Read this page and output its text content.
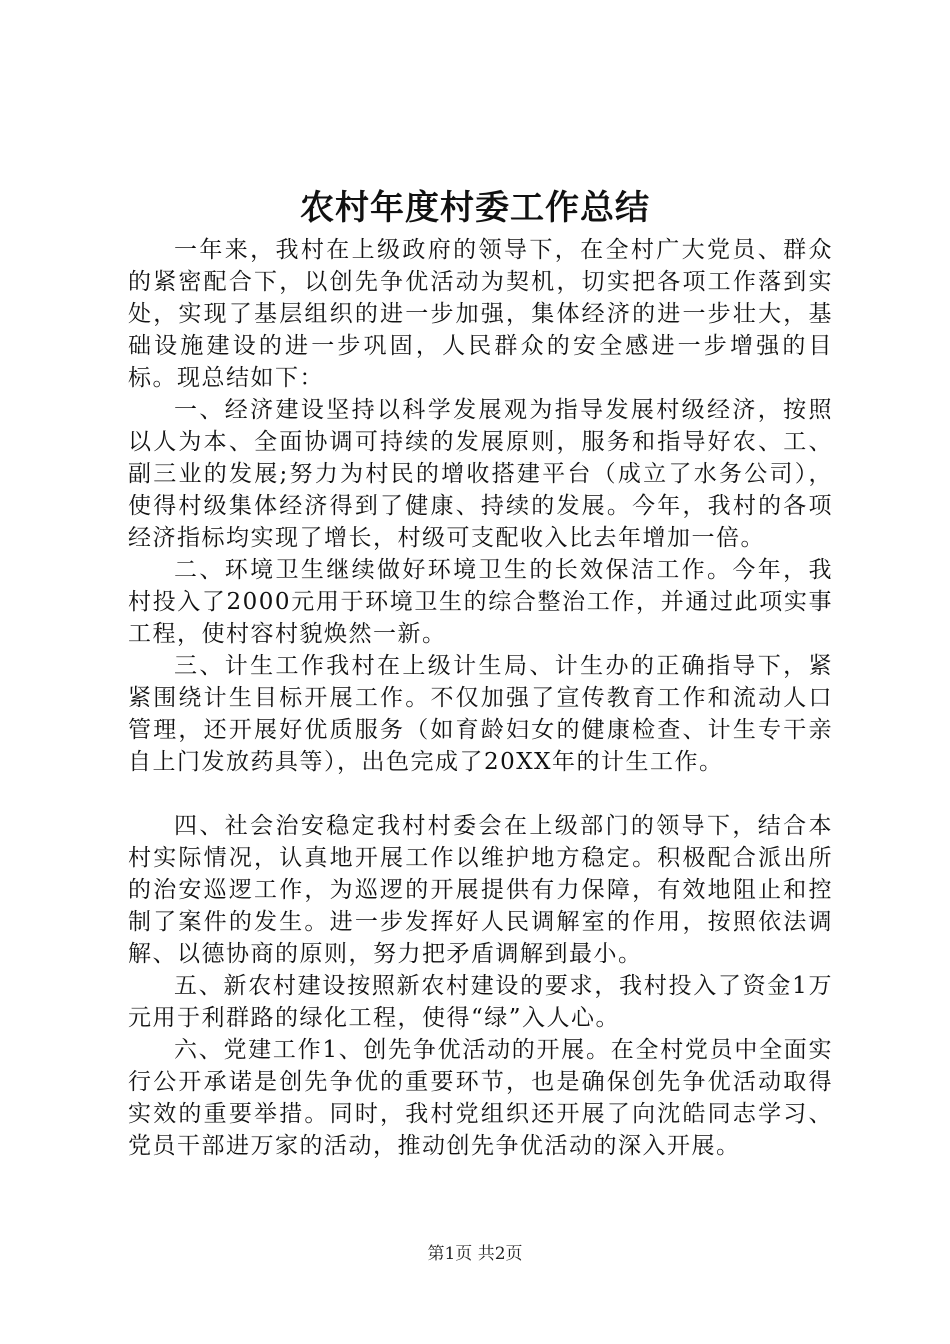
农村年度村委工作总结

一年来，我村在上级政府的领导下，在全村广大党员、群众的紧密配合下，以创先争优活动为契机，切实把各项工作落到实处，实现了基层组织的进一步加强，集体经济的进一步壮大，基础设施建设的进一步巩固，人民群众的安全感进一步增强的目标。现总结如下：

一、经济建设坚持以科学发展观为指导发展村级经济，按照以人为本、全面协调可持续的发展原则，服务和指导好农、工、副三业的发展;努力为村民的增收搭建平台（成立了水务公司），使得村级集体经济得到了健康、持续的发展。今年，我村的各项经济指标均实现了增长，村级可支配收入比去年增加一倍。

二、环境卫生继续做好环境卫生的长效保洁工作。今年，我村投入了2000元用于环境卫生的综合整治工作，并通过此项实事工程，使村容村貌焕然一新。

三、计生工作我村在上级计生局、计生办的正确指导下，紧紧围绕计生目标开展工作。不仅加强了宣传教育工作和流动人口管理，还开展好优质服务（如育龄妇女的健康检查、计生专干亲自上门发放药具等），出色完成了20XX年的计生工作。

四、社会治安稳定我村村委会在上级部门的领导下，结合本村实际情况，认真地开展工作以维护地方稳定。积极配合派出所的治安巡逻工作，为巡逻的开展提供有力保障，有效地阻止和控制了案件的发生。进一步发挥好人民调解室的作用，按照依法调解、以德协商的原则，努力把矛盾调解到最小。

五、新农村建设按照新农村建设的要求，我村投入了资金1万元用于利群路的绿化工程，使得“绿”入人心。

六、党建工作1、创先争优活动的开展。在全村党员中全面实行公开承诺是创先争优的重要环节，也是确保创先争优活动取得实效的重要举措。同时，我村党组织还开展了向沈皓同志学习、党员干部进万家的活动，推动创先争优活动的深入开展。

第1页 共2页
